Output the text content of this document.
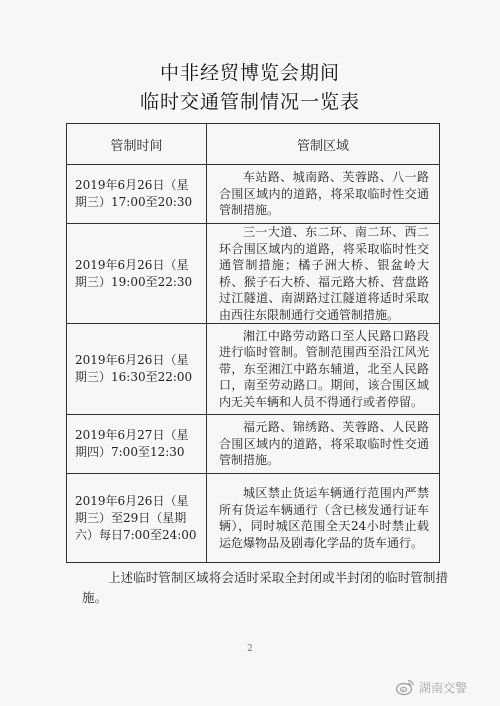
中非经贸博览会期间
临时交通管制情况一览表
管制时间	管制区域
2019年6月26日（星期三）17:00至20:30	车站路、城南路、芙蓉路、八一路合围区域内的道路，将采取临时性交通管制措施。
2019年6月26日（星期三）19:00至22:30	三一大道、东二环、南二环、西二环合围区域内的道路，将采取临时性交通管制措施；橘子洲大桥、银盆岭大桥、猴子石大桥、福元路大桥、营盘路过江隧道、南湖路过江隧道将适时采取由西往东限制通行交通管制措施。
2019年6月26日（星期三）16:30至22:00	湘江中路劳动路口至人民路口路段进行临时管制。管制范围西至沿江风光带，东至湘江中路东辅道，北至人民路口，南至劳动路口。期间，该合围区域内无关车辆和人员不得通行或者停留。
2019年6月27日（星期四）7:00至12:30	福元路、锦绣路、芙蓉路、人民路合围区域内的道路，将采取临时性交通管制措施。
2019年6月26日（星期三）至29日（星期六）每日7:00至24:00	城区禁止货运车辆通行范围内严禁所有货运车辆通行（含已核发通行证车辆），同时城区范围全天24小时禁止载运危爆物品及剧毒化学品的货车通行。
上述临时管制区域将会适时采取全封闭或半封闭的临时管制措施。
2
湖南交警
